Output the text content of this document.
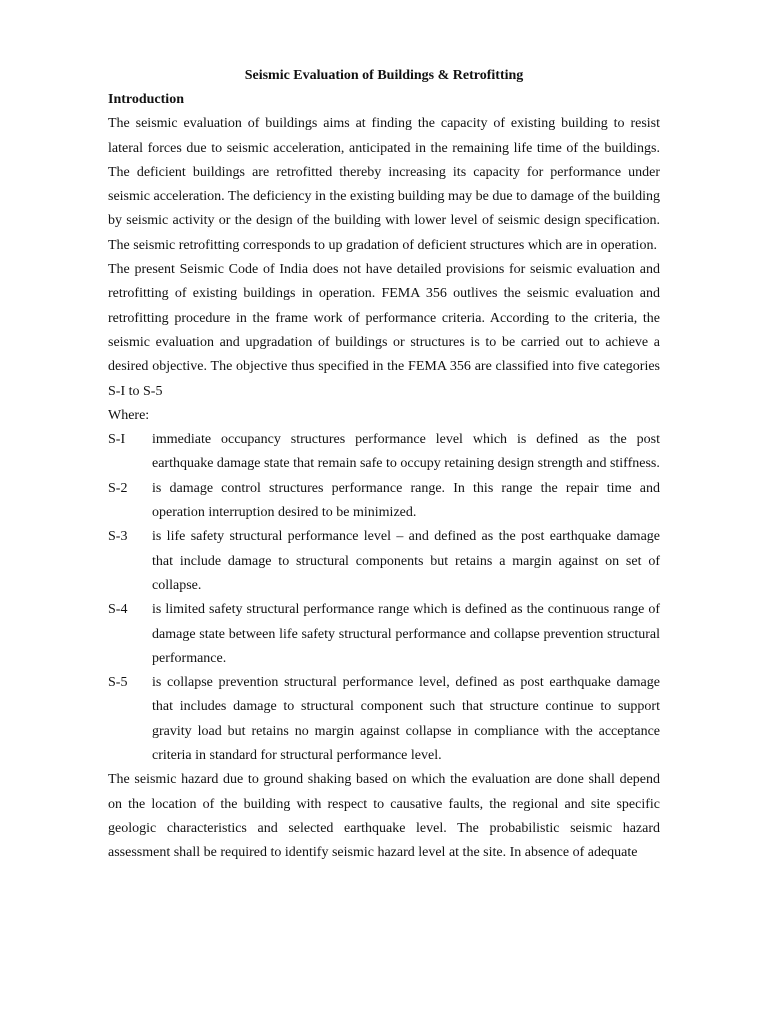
Seismic Evaluation of Buildings & Retrofitting

Introduction

The seismic evaluation of buildings aims at finding the capacity of existing building to resist lateral forces due to seismic acceleration, anticipated in the remaining life time of the buildings. The deficient buildings are retrofitted thereby increasing its capacity for performance under seismic acceleration. The deficiency in the existing building may be due to damage of the building by seismic activity or the design of the building with lower level of seismic design specification. The seismic retrofitting corresponds to up gradation of deficient structures which are in operation.

The present Seismic Code of India does not have detailed provisions for seismic evaluation and retrofitting of existing buildings in operation. FEMA 356 outlives the seismic evaluation and retrofitting procedure in the frame work of performance criteria. According to the criteria, the seismic evaluation and upgradation of buildings or structures is to be carried out to achieve a desired objective. The objective thus specified in the FEMA 356 are classified into five categories S-I to S-5

Where:

S-I	immediate occupancy structures performance level which is defined as the post earthquake damage state that remain safe to occupy retaining design strength and stiffness.
S-2	is damage control structures performance range. In this range the repair time and operation interruption desired to be minimized.
S-3	is life safety structural performance level – and defined as the post earthquake damage that include damage to structural components but retains a margin against on set of collapse.
S-4	is limited safety structural performance range which is defined as the continuous range of damage state between life safety structural performance and collapse prevention structural performance.
S-5	is collapse prevention structural performance level, defined as post earthquake damage that includes damage to structural component such that structure continue to support gravity load but retains no margin against collapse in compliance with the acceptance criteria in standard for structural performance level.

The seismic hazard due to ground shaking based on which the evaluation are done shall depend on the location of the building with respect to causative faults, the regional and site specific geologic characteristics and selected earthquake level. The probabilistic seismic hazard assessment shall be required to identify seismic hazard level at the site. In absence of adequate
